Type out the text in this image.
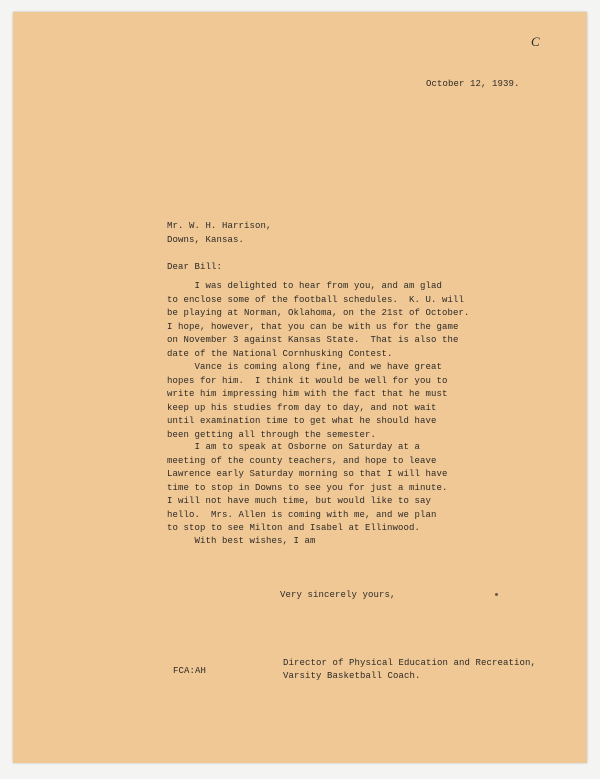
C
October 12, 1939.
Mr. W. H. Harrison,
Downs, Kansas.
Dear Bill:
I was delighted to hear from you, and am glad
to enclose some of the football schedules.  K. U. will
be playing at Norman, Oklahoma, on the 21st of October.
I hope, however, that you can be with us for the game
on November 3 against Kansas State.  That is also the
date of the National Cornhusking Contest.
Vance is coming along fine, and we have great
hopes for him.  I think it would be well for you to
write him impressing him with the fact that he must
keep up his studies from day to day, and not wait
until examination time to get what he should have
been getting all through the semester.
I am to speak at Osborne on Saturday at a
meeting of the county teachers, and hope to leave
Lawrence early Saturday morning so that I will have
time to stop in Downs to see you for just a minute.
I will not have much time, but would like to say
hello.  Mrs. Allen is coming with me, and we plan
to stop to see Milton and Isabel at Ellinwood.
With best wishes, I am
Very sincerely yours,
Director of Physical Education and Recreation,
Varsity Basketball Coach.
FCA:AH
